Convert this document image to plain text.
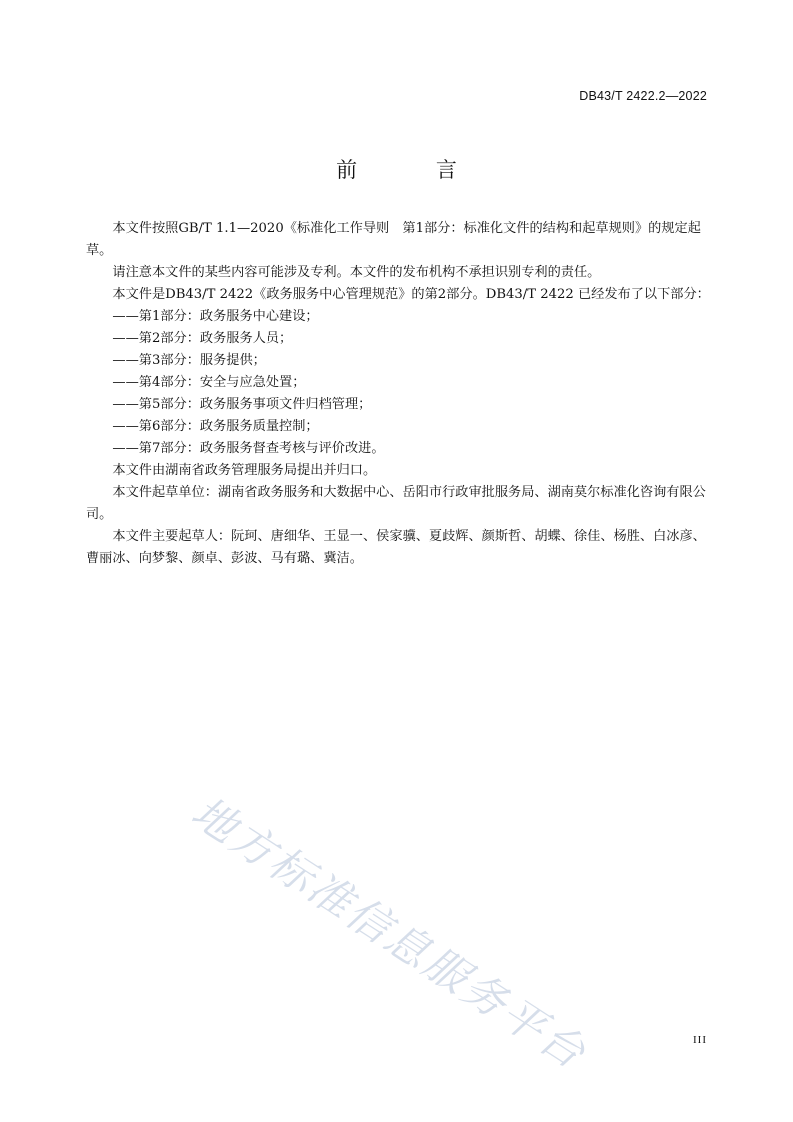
DB43/T 2422.2—2022

前 言

本文件按照GB/T 1.1—2020《标准化工作导则　第1部分：标准化文件的结构和起草规则》的规定起草。

请注意本文件的某些内容可能涉及专利。本文件的发布机构不承担识别专利的责任。

本文件是DB43/T 2422《政务服务中心管理规范》的第2部分。DB43/T 2422 已经发布了以下部分：

——第1部分：政务服务中心建设；

——第2部分：政务服务人员；

——第3部分：服务提供；

——第4部分：安全与应急处置；

——第5部分：政务服务事项文件归档管理；

——第6部分：政务服务质量控制；

——第7部分：政务服务督查考核与评价改进。

本文件由湖南省政务管理服务局提出并归口。

本文件起草单位：湖南省政务服务和大数据中心、岳阳市行政审批服务局、湖南莫尔标准化咨询有限公司。

本文件主要起草人：阮珂、唐细华、王显一、侯家骥、夏歧辉、颜斯哲、胡蝶、徐佳、杨胜、白冰彦、曹丽冰、向梦黎、颜卓、彭波、马有璐、冀洁。

地方标准信息服务平台	III
